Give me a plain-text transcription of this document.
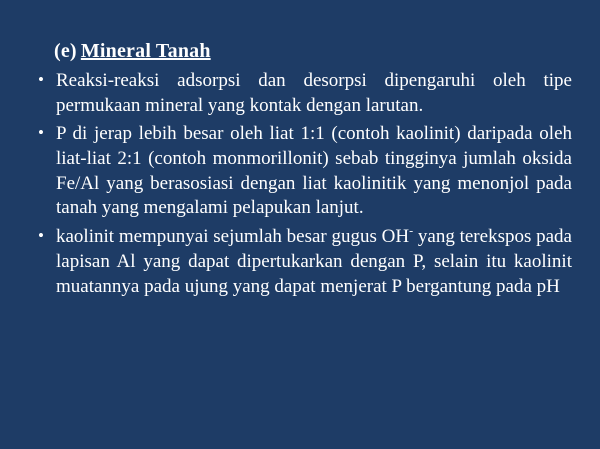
(e) Mineral Tanah
• Reaksi-reaksi adsorpsi dan desorpsi dipengaruhi oleh tipe permukaan mineral yang kontak dengan larutan.
• P di jerap lebih besar oleh liat 1:1 (contoh kaolinit) daripada oleh liat-liat 2:1 (contoh monmorillonit) sebab tingginya jumlah oksida Fe/Al yang berasosiasi dengan liat kaolinitik yang menonjol pada tanah yang mengalami pelapukan lanjut.
• kaolinit mempunyai sejumlah besar gugus OH- yang terekspos pada lapisan Al yang dapat dipertukarkan dengan P, selain itu kaolinit muatannya pada ujung yang dapat menjerat P bergantung pada pH
